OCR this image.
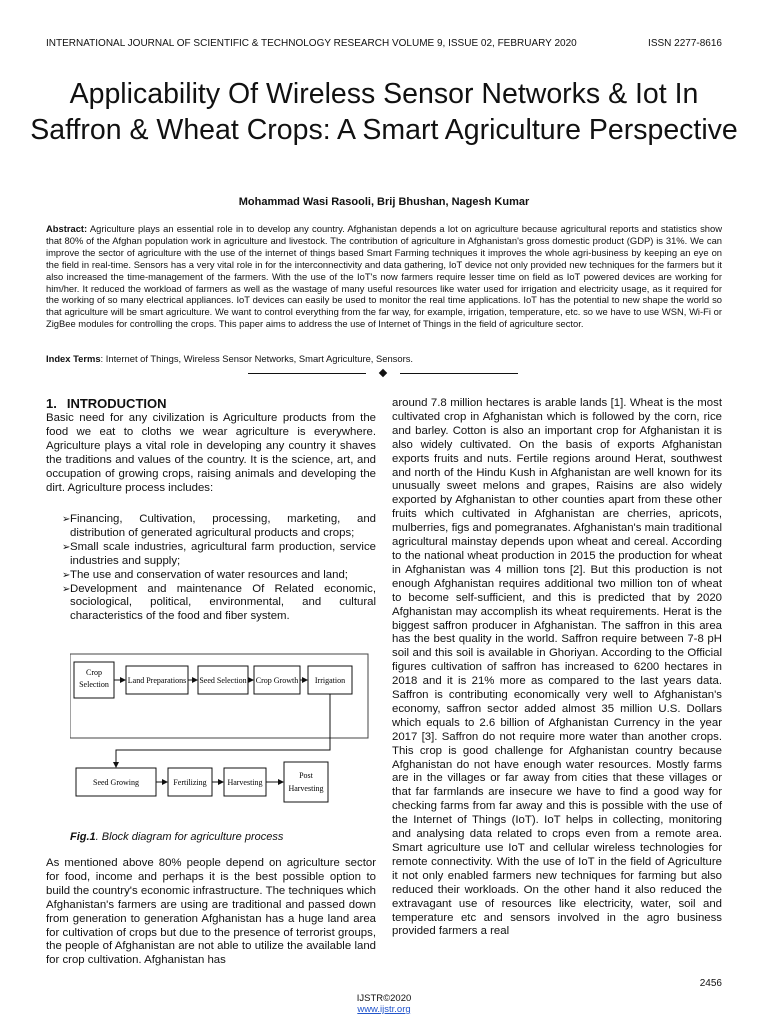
INTERNATIONAL JOURNAL OF SCIENTIFIC & TECHNOLOGY RESEARCH VOLUME 9, ISSUE 02, FEBRUARY 2020	ISSN 2277-8616
Applicability Of Wireless Sensor Networks & Iot In Saffron & Wheat Crops: A Smart Agriculture Perspective
Mohammad Wasi Rasooli, Brij Bhushan, Nagesh Kumar
Abstract: Agriculture plays an essential role in to develop any country. Afghanistan depends a lot on agriculture because agricultural reports and statistics show that 80% of the Afghan population work in agriculture and livestock. The contribution of agriculture in Afghanistan's gross domestic product (GDP) is 31%. We can improve the sector of agriculture with the use of the internet of things based Smart Farming techniques it improves the whole agri-business by keeping an eye on the field in real-time. Sensors has a very vital role in for the interconnectivity and data gathering, IoT device not only provided new techniques for the farmers but it also increased the time-management of the farmers. With the use of the IoT's now farmers require lesser time on field as IoT powered devices are working for him/her. It reduced the workload of farmers as well as the wastage of many useful resources like water used for irrigation and electricity usage, as it required for the working of so many electrical appliances. IoT devices can easily be used to monitor the real time applications. IoT has the potential to new shape the world so that agriculture will be smart agriculture. We want to control everything from the far way, for example, irrigation, temperature, etc. so we have to use WSN, Wi-Fi or ZigBee modules for controlling the crops. This paper aims to address the use of Internet of Things in the field of agriculture sector.
Index Terms: Internet of Things, Wireless Sensor Networks, Smart Agriculture, Sensors.
1. INTRODUCTION
Basic need for any civilization is Agriculture products from the food we eat to cloths we wear agriculture is everywhere. Agriculture plays a vital role in developing any country it shaves the traditions and values of the country. It is the science, art, and occupation of growing crops, raising animals and developing the dirt. Agriculture process includes:
➢ Financing, Cultivation, processing, marketing, and distribution of generated agricultural products and crops;
➢ Small scale industries, agricultural farm production, service industries and supply;
➢ The use and conservation of water resources and land;
➢ Development and maintenance Of Related economic, sociological, political, environmental, and cultural characteristics of the food and fiber system.
Crop
Selection Land Preparations Seed Selection Crop Growth Irrigation
Seed Growing	Fertilizing	Harvesting
Post
Harvesting
Fig.1. Block diagram for agriculture process
As mentioned above 80% people depend on agriculture sector for food, income and perhaps it is the best possible option to build the country's economic infrastructure. The techniques which Afghanistan's farmers are using are traditional and passed down from generation to generation Afghanistan has a huge land area for cultivation of crops but due to the presence of terrorist groups, the people of Afghanistan are not able to utilize the available land for crop cultivation. Afghanistan has
around 7.8 million hectares is arable lands [1]. Wheat is the most cultivated crop in Afghanistan which is followed by the corn, rice and barley. Cotton is also an important crop for Afghanistan it is also widely cultivated. On the basis of exports Afghanistan exports fruits and nuts. Fertile regions around Herat, southwest and north of the Hindu Kush in Afghanistan are well known for its unusually sweet melons and grapes, Raisins are also widely exported by Afghanistan to other counties apart from these other fruits which cultivated in Afghanistan are cherries, apricots, mulberries, figs and pomegranates. Afghanistan's main traditional agricultural mainstay depends upon wheat and cereal. According to the national wheat production in 2015 the production for wheat in Afghanistan was 4 million tons [2]. But this production is not enough Afghanistan requires additional two million ton of wheat to become self-sufficient, and this is predicted that by 2020 Afghanistan may accomplish its wheat requirements. Herat is the biggest saffron producer in Afghanistan. The saffron in this area has the best quality in the world. Saffron require between 7-8 pH soil and this soil is available in Ghoriyan. According to the Official figures cultivation of saffron has increased to 6200 hectares in 2018 and it is 21% more as compared to the last years data. Saffron is contributing economically very well to Afghanistan's economy, saffron sector added almost 35 million U.S. Dollars which equals to 2.6 billion of Afghanistan Currency in the year 2017 [3]. Saffron do not require more water than another crops. This crop is good challenge for Afghanistan country because Afghanistan do not have enough water resources. Mostly farms are in the villages or far away from cities that these villages or that far farmlands are insecure we have to find a good way for checking farms from far away and this is possible with the use of the Internet of Things (IoT). IoT helps in collecting, monitoring and analysing data related to crops even from a remote area. Smart agriculture use IoT and cellular wireless technologies for remote connectivity. With the use of IoT in the field of Agriculture it not only enabled farmers new techniques for farming but also reduced their workloads. On the other hand it also reduced the extravagant use of resources like electricity, water, soil and temperature etc and sensors involved in the agro business provided farmers a real
2456
IJSTR©2020
www.ijstr.org
